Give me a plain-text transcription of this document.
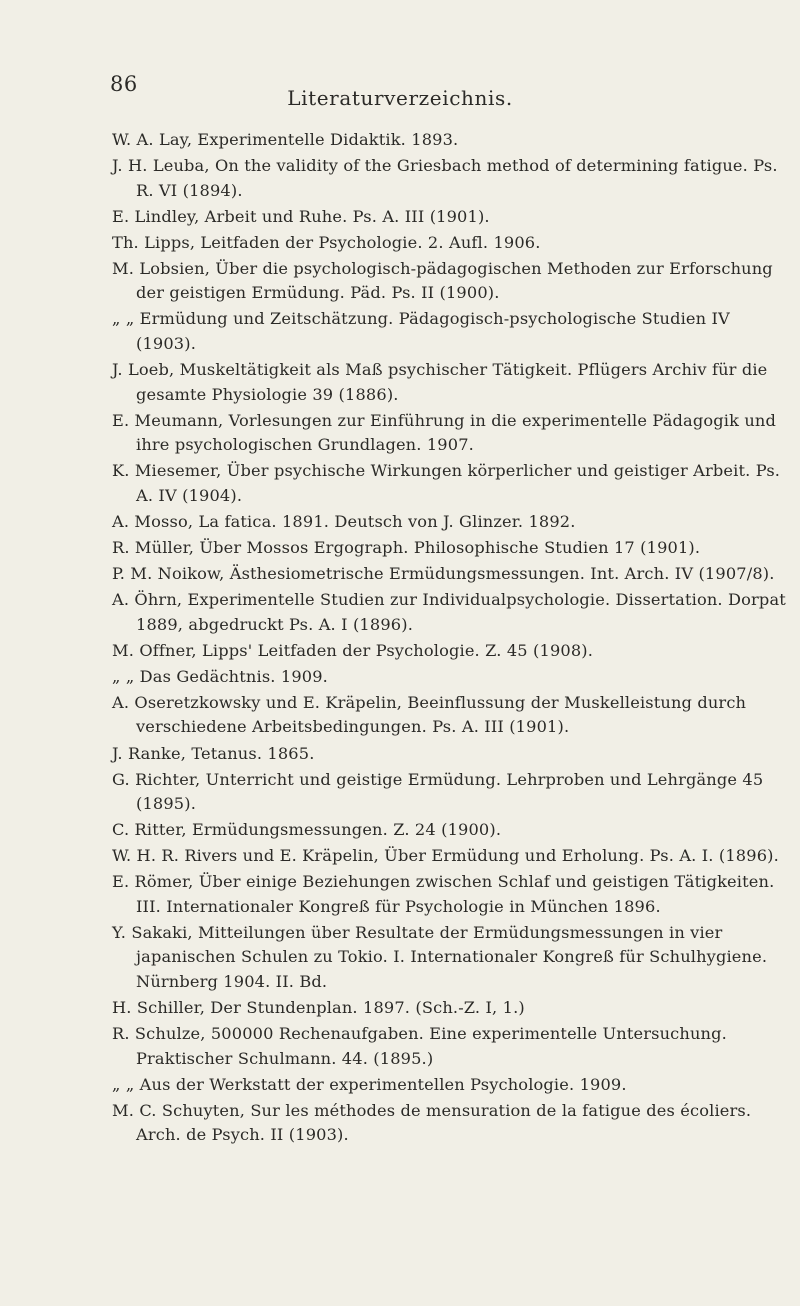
86
Literaturverzeichnis.
W. A. Lay, Experimentelle Didaktik. 1893.
J. H. Leuba, On the validity of the Griesbach method of determining fatigue. Ps. R. VI (1894).
E. Lindley, Arbeit und Ruhe. Ps. A. III (1901).
Th. Lipps, Leitfaden der Psychologie. 2. Aufl. 1906.
M. Lobsien, Über die psychologisch-pädagogischen Methoden zur Erforschung der geistigen Ermüdung. Päd. Ps. II (1900).
„ „ Ermüdung und Zeitschätzung. Pädagogisch-psychologische Studien IV (1903).
J. Loeb, Muskeltätigkeit als Maß psychischer Tätigkeit. Pflügers Archiv für die gesamte Physiologie 39 (1886).
E. Meumann, Vorlesungen zur Einführung in die experimentelle Pädagogik und ihre psychologischen Grundlagen. 1907.
K. Miesemer, Über psychische Wirkungen körperlicher und geistiger Arbeit. Ps. A. IV (1904).
A. Mosso, La fatica. 1891. Deutsch von J. Glinzer. 1892.
R. Müller, Über Mossos Ergograph. Philosophische Studien 17 (1901).
P. M. Noikow, Ästhesiometrische Ermüdungsmessungen. Int. Arch. IV (1907/8).
A. Öhrn, Experimentelle Studien zur Individualpsychologie. Dissertation. Dorpat 1889, abgedruckt Ps. A. I (1896).
M. Offner, Lipps' Leitfaden der Psychologie. Z. 45 (1908).
„ „ Das Gedächtnis. 1909.
A. Oseretzkowsky und E. Kräpelin, Beeinflussung der Muskelleistung durch verschiedene Arbeitsbedingungen. Ps. A. III (1901).
J. Ranke, Tetanus. 1865.
G. Richter, Unterricht und geistige Ermüdung. Lehrproben und Lehrgänge 45 (1895).
C. Ritter, Ermüdungsmessungen. Z. 24 (1900).
W. H. R. Rivers und E. Kräpelin, Über Ermüdung und Erholung. Ps. A. I. (1896).
E. Römer, Über einige Beziehungen zwischen Schlaf und geistigen Tätigkeiten. III. Internationaler Kongreß für Psychologie in München 1896.
Y. Sakaki, Mitteilungen über Resultate der Ermüdungsmessungen in vier japanischen Schulen zu Tokio. I. Internationaler Kongreß für Schulhygiene. Nürnberg 1904. II. Bd.
H. Schiller, Der Stundenplan. 1897. (Sch.-Z. I, 1.)
R. Schulze, 500000 Rechenaufgaben. Eine experimentelle Untersuchung. Praktischer Schulmann. 44. (1895.)
„ „ Aus der Werkstatt der experimentellen Psychologie. 1909.
M. C. Schuyten, Sur les méthodes de mensuration de la fatigue des écoliers. Arch. de Psych. II (1903).
